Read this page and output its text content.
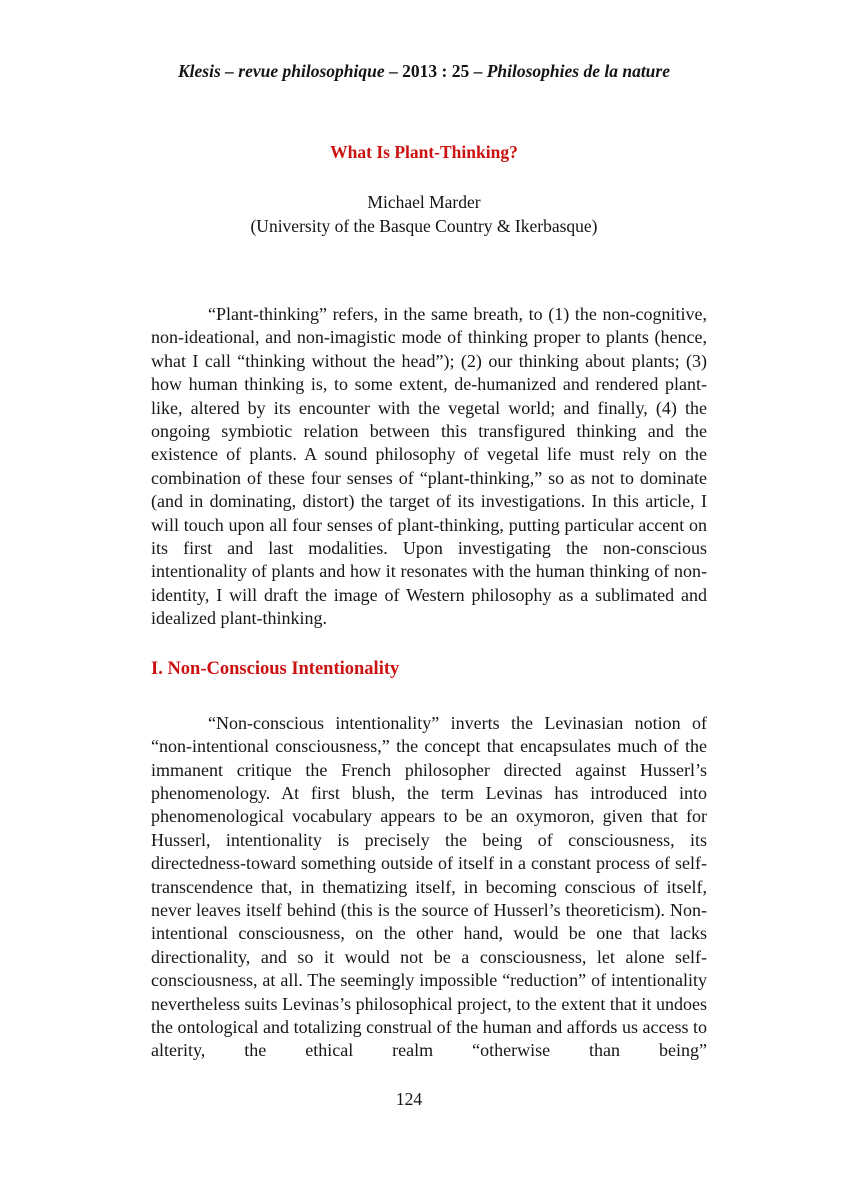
Klesis – revue philosophique – 2013 : 25 – Philosophies de la nature
What Is Plant-Thinking?
Michael Marder
(University of the Basque Country & Ikerbasque)

“Plant-thinking” refers, in the same breath, to (1) the non-cognitive, non-ideational, and non-imagistic mode of thinking proper to plants (hence, what I call “thinking without the head”); (2) our thinking about plants; (3) how human thinking is, to some extent, de-humanized and rendered plant-like, altered by its encounter with the vegetal world; and finally, (4) the ongoing symbiotic relation between this transfigured thinking and the existence of plants. A sound philosophy of vegetal life must rely on the combination of these four senses of “plant-thinking,” so as not to dominate (and in dominating, distort) the target of its investigations. In this article, I will touch upon all four senses of plant-thinking, putting particular accent on its first and last modalities. Upon investigating the non-conscious intentionality of plants and how it resonates with the human thinking of non-identity, I will draft the image of Western philosophy as a sublimated and idealized plant-thinking.

I. Non-Conscious Intentionality

“Non-conscious intentionality” inverts the Levinasian notion of “non-intentional consciousness,” the concept that encapsulates much of the immanent critique the French philosopher directed against Husserl’s phenomenology. At first blush, the term Levinas has introduced into phenomenological vocabulary appears to be an oxymoron, given that for Husserl, intentionality is precisely the being of consciousness, its directedness-toward something outside of itself in a constant process of self-transcendence that, in thematizing itself, in becoming conscious of itself, never leaves itself behind (this is the source of Husserl’s theoreticism). Non-intentional consciousness, on the other hand, would be one that lacks directionality, and so it would not be a consciousness, let alone self-consciousness, at all. The seemingly impossible “reduction” of intentionality nevertheless suits Levinas’s philosophical project, to the extent that it undoes the ontological and totalizing construal of the human and affords us access to alterity, the ethical realm “otherwise than being”

124
